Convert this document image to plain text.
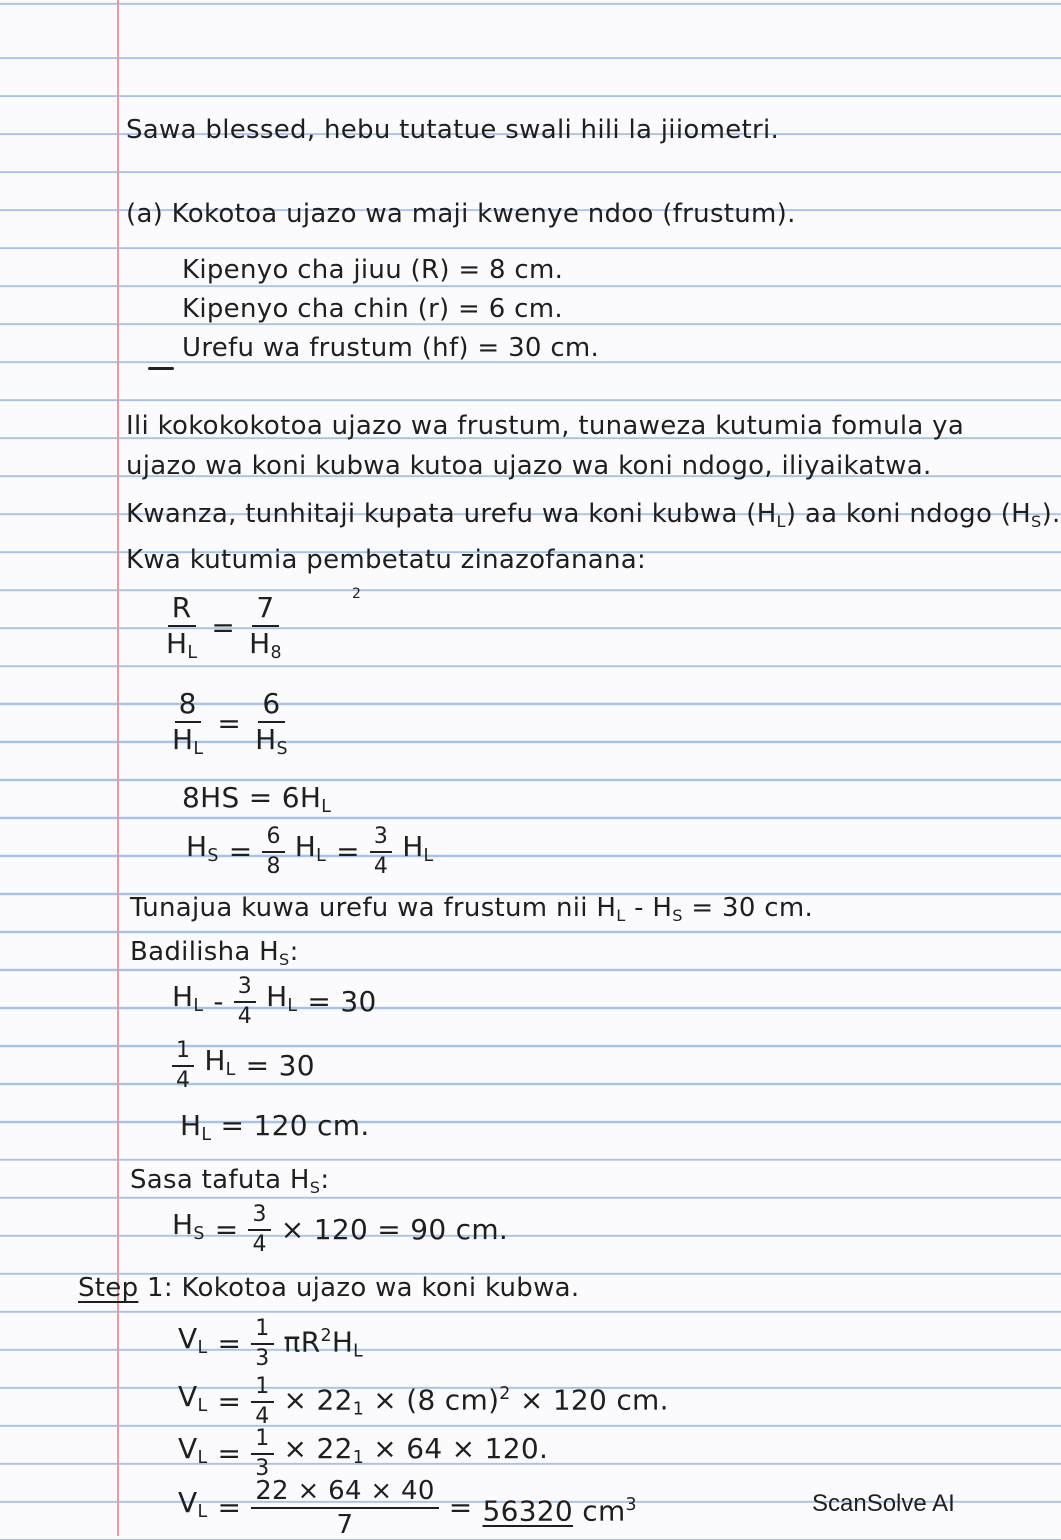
Sawa blessed, hebu tutatue swali hili la jiiometri.
(a) Kokotoa ujazo wa maji kwenye ndoo (frustum).
Kipenyo cha jiuu (R) = 8 cm.
Kipenyo cha chin (r) = 6 cm.
Urefu wa frustum (hf) = 30 cm.
Ili kokokokotoa ujazo wa frustum, tunaweza kutumia fomula ya
ujazo wa koni kubwa kutoa ujazo wa koni ndogo, iliyaikatwa.
Kwanza, tunhitaji kupata urefu wa koni kubwa $(H_L)$ aa koni ndogo $(H_S)$.
Kwa kutumia pembetatu zinazofanana:
2
$\frac{R}{H_L} = \frac{7}{H_8}$
$\frac{8}{H_L} = \frac{6}{H_S}$
$8HS = 6H_L$
$H_S = \frac{6}{8} H_L = \frac{3}{4} H_L$
Tunajua kuwa urefu wa frustum nii $H_L - H_S = 30$ cm.
Badilisha $H_S$:
$H_L - \frac{3}{4} H_L = 30$
$\frac{1}{4} H_L = 30$
$H_L = 120$ cm.
Sasa tafuta $H_S$:
$H_S = \frac{3}{4} \times 120 = 90$ cm.
Step 1: Kokotoa ujazo wa koni kubwa.
$V_L = \frac{1}{3} \pi R^2H_L$
$V_L = \frac{1}{4} \times 22_1 \times (8$ cm)$^2$ × 120 cm.
$V_L = \frac{1}{3} \times 22_1 \times 64 \times 120$.
$V_L = \frac{22 \times 64 \times 40}{7} = 56320$ $cm^3$	ScanSolve AI
